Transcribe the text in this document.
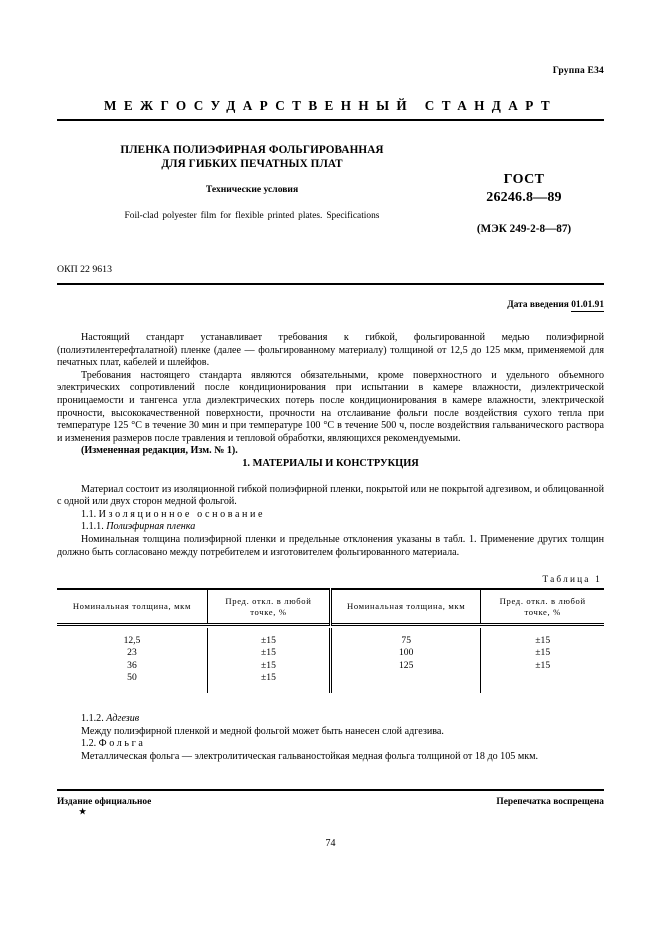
Группа Е34
МЕЖГОСУДАРСТВЕННЫЙ СТАНДАРТ
ПЛЕНКА ПОЛИЭФИРНАЯ ФОЛЬГИРОВАННАЯ
ДЛЯ ГИБКИХ ПЕЧАТНЫХ ПЛАТ
Технические условия
Foil-clad polyester film for flexible printed plates. Specifications
ГОСТ
26246.8—89
(МЭК 249-2-8—87)
ОКП 22 9613
Дата введения 01.01.91

Настоящий стандарт устанавливает требования к гибкой, фольгированной медью полиэфирной (полиэтилентерефталатной) пленке (далее — фольгированному материалу) толщиной от 12,5 до 125 мкм, применяемой для печатных плат, кабелей и шлейфов.

Требования настоящего стандарта являются обязательными, кроме поверхностного и удельного объемного электрических сопротивлений после кондиционирования при испытании в камере влажности, диэлектрической проницаемости и тангенса угла диэлектрических потерь после кондиционирования в камере влажности, электрической прочности, высококачественной поверхности, прочности на отслаивание фольги после воздействия сухого тепла при температуре 125 °С в течение 30 мин и при температуре 100 °С в течение 500 ч, после воздействия гальванического раствора и изменения размеров после травления и тепловой обработки, являющихся рекомендуемыми.

(Измененная редакция, Изм. № 1).

1. МАТЕРИАЛЫ И КОНСТРУКЦИЯ

Материал состоит из изоляционной гибкой полиэфирной пленки, покрытой или не покрытой адгезивом, и облицованной с одной или двух сторон медной фольгой.

1.1. Изоляционное основание

1.1.1. Полиэфирная пленка

Номинальная толщина полиэфирной пленки и предельные отклонения указаны в табл. 1. Применение других толщин должно быть согласовано между потребителем и изготовителем фольгированного материала.

Таблица 1
Номинальная толщина, мкм	Пред. откл. в любой точке, %	Номинальная толщина, мкм	Пред. откл. в любой точке, %

12,5	±15	75	±15
23	±15	100	±15
36	±15	125	±15
50	±15		

1.1.2. Адгезив

Между полиэфирной пленкой и медной фольгой может быть нанесен слой адгезива.

1.2. Фольга

Металлическая фольга — электролитическая гальваностойкая медная фольга толщиной от 18 до 105 мкм.

Издание официальное	Перепечатка воспрещена
★
74
